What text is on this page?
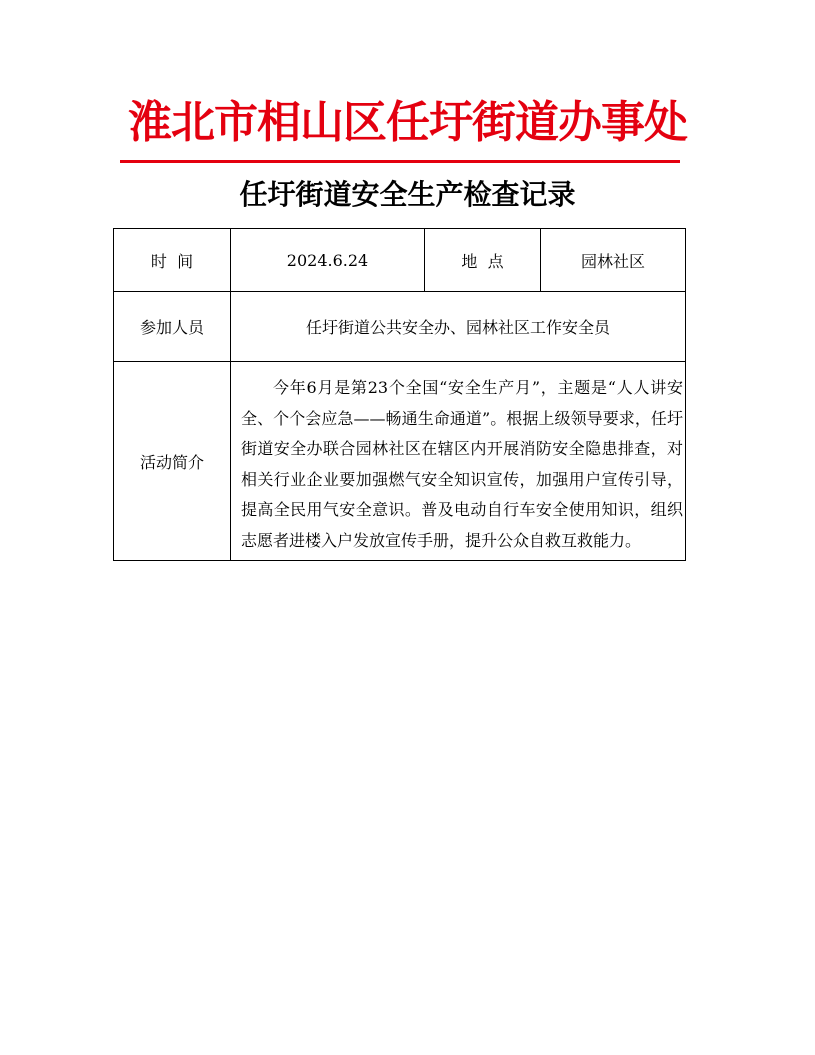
淮北市相山区任圩街道办事处
任圩街道安全生产检查记录
时  间	2024.6.24	地  点	园林社区
参加人员	任圩街道公共安全办、园林社区工作安全员		
活动简介	今年6月是第23个全国“安全生产月”，主题是“人人讲安全、个个会应急——畅通生命通道”。根据上级领导要求，任圩街道安全办联合园林社区在辖区内开展消防安全隐患排查，对相关行业企业要加强燃气安全知识宣传，加强用户宣传引导，提高全民用气安全意识。普及电动自行车安全使用知识，组织志愿者进楼入户发放宣传手册，提升公众自救互救能力。		
